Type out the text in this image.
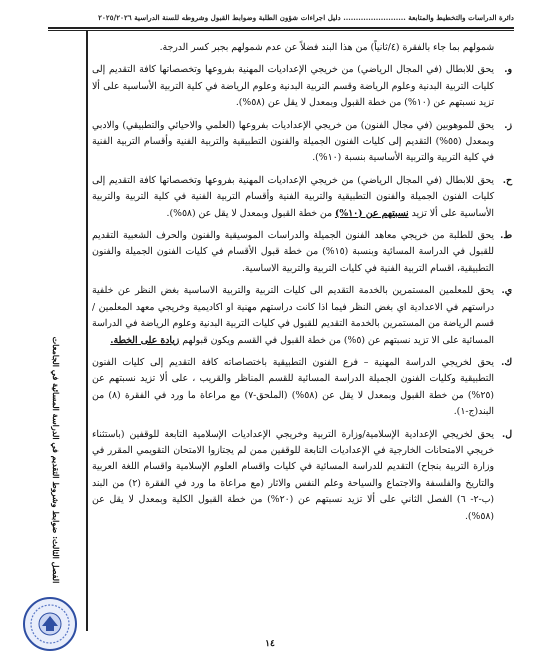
دائرة الدراسات والتخطيط والمتابعة ......................... دليل اجراءات شؤون الطلبة وضوابط القبول وشروطه للسنة الدراسية ٢٠٢٥/٢٠٢٦
الفصل الثالث: ضوابط وشروط التقديم في الدراسة المسائية في الجامعات

شمولهم بما جاء بالفقرة (٤/ثانياً) من هذا البند فضلاً عن عدم شمولهم بجبر كسر الدرجة.

و.
يحق للابطال (في المجال الرياضي) من خريجي الإعداديات المهنية بفروعها وتخصصاتها كافة التقديم إلى كليات التربية البدنية وعلوم الرياضة وقسم التربية البدنية وعلوم الرياضة في كلية التربية الأساسية على ألا تزيد نسبتهم عن (١٠%) من خطة القبول وبمعدل لا يقل عن (٥٨%).

ز.
يحق للموهوبين (في مجال الفنون) من خريجي الإعداديات بفروعها (العلمي والاحيائي والتطبيقي) والادبي وبمعدل (٥٥%) التقديم إلى كليات الفنون الجميلة والفنون التطبيقية والتربية الفنية وأقسام التربية الفنية في كلية التربية والتربية الأساسية بنسبة (١٠%).

ح.
يحق للابطال (في المجال الرياضي) من خريجي الإعداديات المهنية بفروعها وتخصصاتها كافة التقديم إلى كليات الفنون الجميلة والفنون التطبيقية والتربية الفنية وأقسام التربية الفنية في كلية التربية والتربية الأساسية على ألا تزيد نسبتهم عن (١٠%) من خطة القبول وبمعدل لا يقل عن (٥٨%).

ط.
يحق للطلبة من خريجي معاهد الفنون الجميلة والدراسات الموسيقية والفنون والحرف الشعبية التقديم للقبول في الدراسة المسائية وبنسبة (١٥%) من خطة قبول الأقسام في كليات الفنون الجميلة والفنون التطبيقية، اقسام التربية الفنية في كليات التربية والتربية الاساسية.

ي.
يحق للمعلمين المستمرين بالخدمة التقديم الى كليات التربية والتربية الاساسية بغض النظر عن خلفية دراستهم في الاعدادية اي بغض النظر فيما اذا كانت دراستهم مهنية او اكاديمية وخريجي معهد المعلمين / قسم الرياضة من المستمرين بالخدمة التقديم للقبول في كليات التربية البدنية وعلوم الرياضة في الدراسة المسائية على الا تزيد نسبتهم عن (٥%) من خطة القبول في القسم ويكون قبولهم زيادة على الخطة.

ك.
يحق لخريجي الدراسة المهنية – فرع الفنون التطبيقية باختصاصاته كافة التقديم إلى كليات الفنون التطبيقية وكليات الفنون الجميلة الدراسة المسائية للقسم المناظر والقريب ، على ألا تزيد نسبتهم عن (٢٥%) من خطة القبول وبمعدل لا يقل عن (٥٨%) (الملحق-٧) مع مراعاة ما ورد في الفقرة (٨) من البند(ج-١).

ل.
يحق لخريجي الإعدادية الإسلامية/وزارة التربية وخريجي الإعداديات الإسلامية التابعة للوقفين (باستثناء خريجي الامتحانات الخارجية في الإعداديات التابعة للوقفين ممن لم يجتازوا الامتحان التقويمي المقرر في وزارة التربية بنجاح) التقديم للدراسة المسائية في كليات واقسام العلوم الإسلامية واقسام اللغة العربية والتاريخ والفلسفة والاجتماع والسياحة وعلم النفس والاثار (مع مراعاة ما ورد في الفقرة (٢) من البند (ب-٢- ٦) الفصل الثاني على ألا تزيد نسبتهم عن (٢٠%) من خطة القبول الكلية وبمعدل لا يقل عن (٥٨%).

١٤
